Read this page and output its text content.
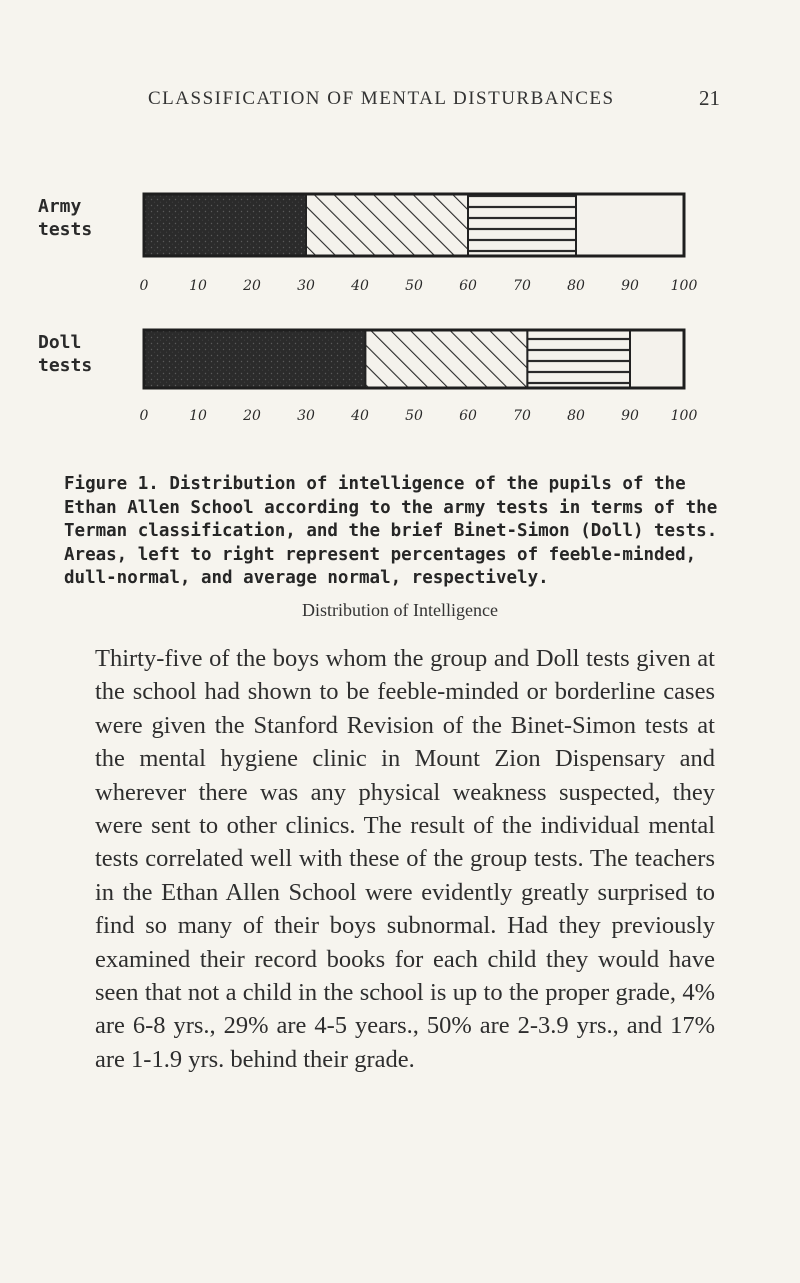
CLASSIFICATION OF MENTAL DISTURBANCES	21
Army
tests
0	10	20	30	40	50	60	70	80	90 100
Doll
tests
0	10	20	30	40	50	60	70	80	90 100
Figure 1. Distribution of intelligence of the pupils of the Ethan Allen School according to the army tests in terms of the Terman classification, and the brief Binet-Simon (Doll) tests. Areas, left to right represent percentages of feeble-minded, dull-normal, and average normal, respectively.
Distribution of Intelligence

Thirty-five of the boys whom the group and Doll tests given at the school had shown to be feeble-minded or borderline cases were given the Stanford Revision of the Binet-Simon tests at the mental hygiene clinic in Mount Zion Dispensary and wherever there was any physical weakness suspected, they were sent to other clinics. The result of the individual mental tests correlated well with these of the group tests. The teachers in the Ethan Allen School were evidently greatly surprised to find so many of their boys subnormal. Had they previously examined their record books for each child they would have seen that not a child in the school is up to the proper grade, 4% are 6-8 yrs., 29% are 4-5 years., 50% are 2-3.9 yrs., and 17% are 1-1.9 yrs. behind their grade.
